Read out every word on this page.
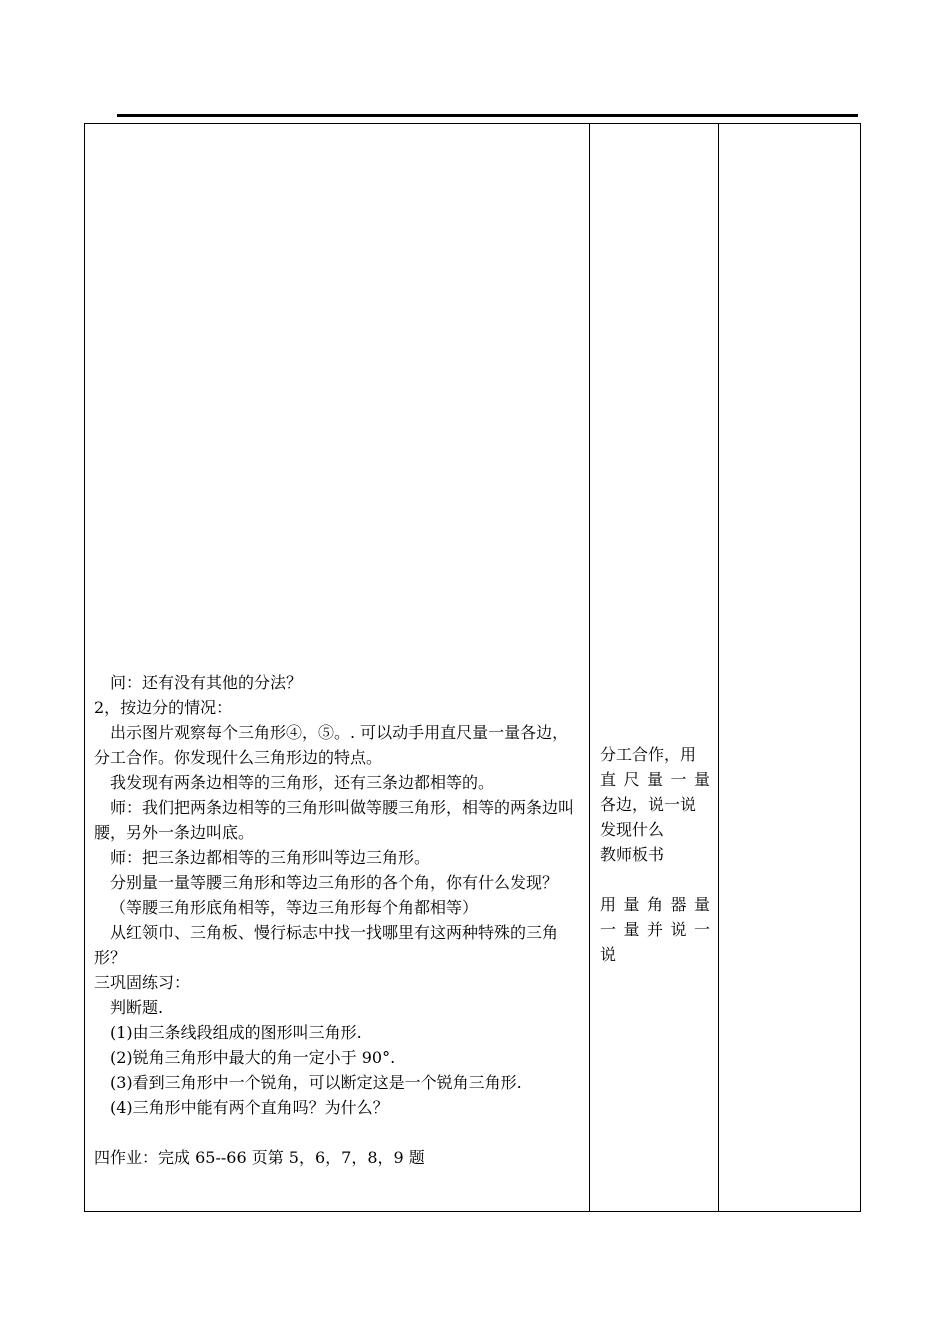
问：还有没有其他的分法？

2，按边分的情况：

出示图片观察每个三角形④，⑤。. 可以动手用直尺量一量各边，分工合作。你发现什么三角形边的特点。

我发现有两条边相等的三角形，还有三条边都相等的。

师：我们把两条边相等的三角形叫做等腰三角形，相等的两条边叫腰，另外一条边叫底。

师：把三条边都相等的三角形叫等边三角形。

分别量一量等腰三角形和等边三角形的各个角，你有什么发现？

（等腰三角形底角相等，等边三角形每个角都相等）

从红领巾、三角板、慢行标志中找一找哪里有这两种特殊的三角形？

三巩固练习：

判断题.

(1)由三条线段组成的图形叫三角形.

(2)锐角三角形中最大的角一定小于 90°.

(3)看到三角形中一个锐角，可以断定这是一个锐角三角形.

(4)三角形中能有两个直角吗？为什么？

四作业：完成 65--66 页第 5，6，7，8，9 题

分工合作，用

直尺量一量

各边，说一说

发现什么

教师板书

用量角器量

一量并说一

说
